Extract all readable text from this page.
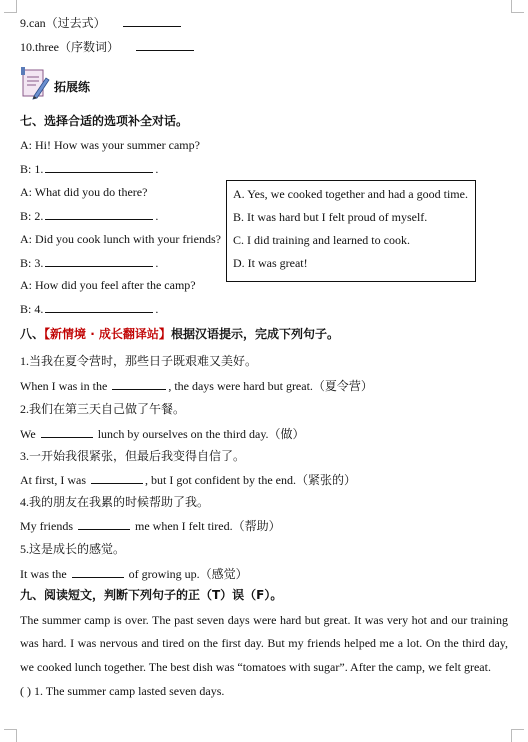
9.can（过去式）
10.three（序数词）
拓展练
七、选择合适的选项补全对话。
A: Hi! How was your summer camp?
B: 1.	.
A: What did you do there?
B: 2.	.
A: Did you cook lunch with your friends?
B: 3.	.
A: How did you feel after the camp?
B: 4.	.
A. Yes, we cooked together and had a good time.
B. It was hard but I felt proud of myself.
C. I did training and learned to cook.
D. It was great!
八、【新情境 · 成长翻译站】根据汉语提示，完成下列句子。
1.当我在夏令营时，那些日子既艰难又美好。
When I was in the	, the days were hard but great.（夏令营）
2.我们在第三天自己做了午餐。
We	lunch by ourselves on the third day.（做）
3.一开始我很紧张，但最后我变得自信了。
At first, I was	, but I got confident by the end.（紧张的）
4.我的朋友在我累的时候帮助了我。
My friends	me when I felt tired.（帮助）
5.这是成长的感觉。
It was the	of growing up.（感觉）
九、阅读短文，判断下列句子的正（T）误（F）。
The summer camp is over. The past seven days were hard but great. It was very hot and our training
was hard. I was nervous and tired on the first day. But my friends helped me a lot. On the third day,
we cooked lunch together. The best dish was “tomatoes with sugar”. After the camp, we felt great.
( ) 1. The summer camp lasted seven days.
